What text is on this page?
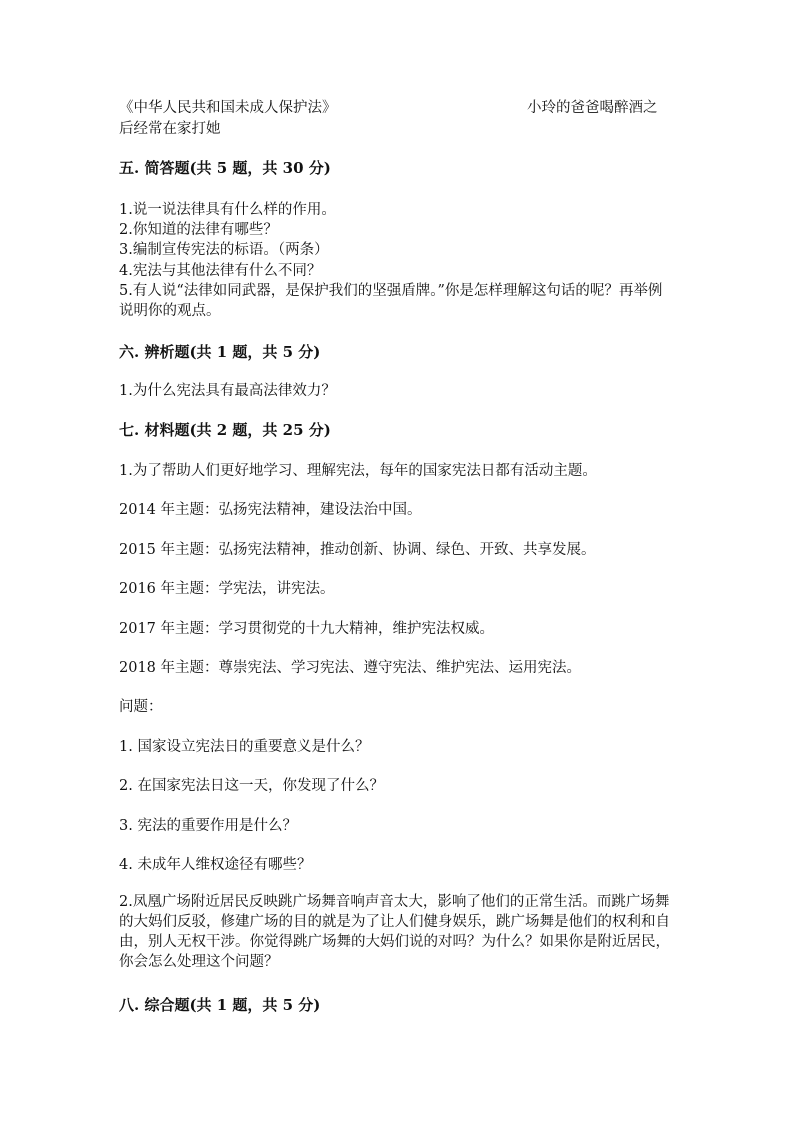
《中华人民共和国未成人保护法》	小玲的爸爸喝醉酒之
后经常在家打她
五. 简答题(共 5 题，共 30 分)
1.说一说法律具有什么样的作用。
2.你知道的法律有哪些？
3.编制宣传宪法的标语。（两条）
4.宪法与其他法律有什么不同？
5.有人说“法律如同武器，是保护我们的坚强盾牌。”你是怎样理解这句话的呢？再举例说明你的观点。
六. 辨析题(共 1 题，共 5 分)
1.为什么宪法具有最高法律效力？
七. 材料题(共 2 题，共 25 分)
1.为了帮助人们更好地学习、理解宪法，每年的国家宪法日都有活动主题。
2014 年主题：弘扬宪法精神，建设法治中国。
2015 年主题：弘扬宪法精神，推动创新、协调、绿色、开致、共享发展。
2016 年主题：学宪法，讲宪法。
2017 年主题：学习贯彻党的十九大精神，维护宪法权威。
2018 年主题：尊崇宪法、学习宪法、遵守宪法、维护宪法、运用宪法。
问题：
1. 国家设立宪法日的重要意义是什么？
2. 在国家宪法日这一天，你发现了什么？
3. 宪法的重要作用是什么？
4. 未成年人维权途径有哪些？
2.凤凰广场附近居民反映跳广场舞音响声音太大，影响了他们的正常生活。而跳广场舞的大妈们反驳，修建广场的目的就是为了让人们健身娱乐，跳广场舞是他们的权利和自由，别人无权干涉。你觉得跳广场舞的大妈们说的对吗？为什么？如果你是附近居民，你会怎么处理这个问题？
八. 综合题(共 1 题，共 5 分)
